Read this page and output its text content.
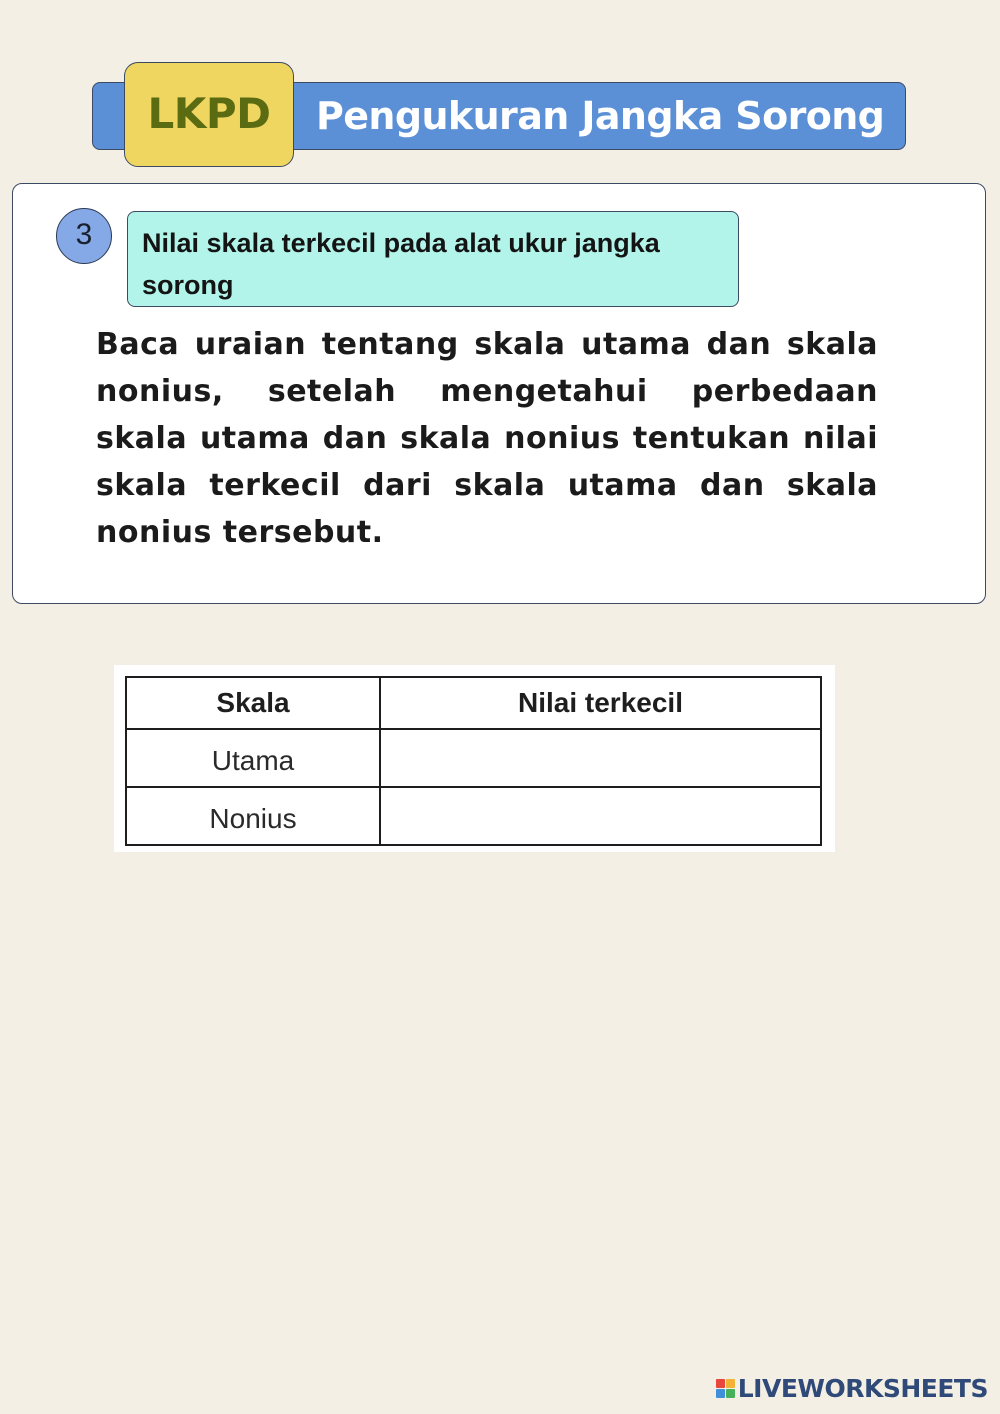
Pengukuran Jangka Sorong
LKPD
3	Nilai skala terkecil pada alat ukur jangka sorong
Baca uraian tentang skala utama dan skala nonius, setelah mengetahui perbedaan skala utama dan skala nonius tentukan nilai skala terkecil dari skala utama dan skala nonius tersebut.
Skala	Nilai terkecil
Utama	
Nonius	
LIVEWORKSHEETS
